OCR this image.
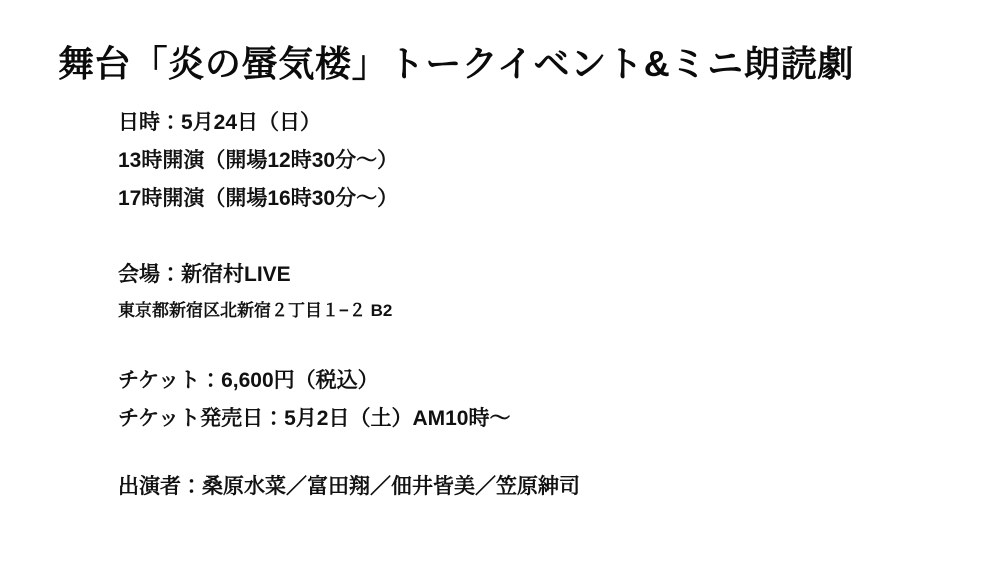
舞台「炎の蜃気楼」トークイベント&ミニ朗読劇

日時：5月24日（日）

13時開演（開場12時30分〜）

17時開演（開場16時30分〜）

会場：新宿村LIVE

東京都新宿区北新宿２丁目１−２ B2

チケット：6,600円（税込）

チケット発売日：5月2日（土）AM10時〜

出演者：桑原水菜／富田翔／佃井皆美／笠原紳司
